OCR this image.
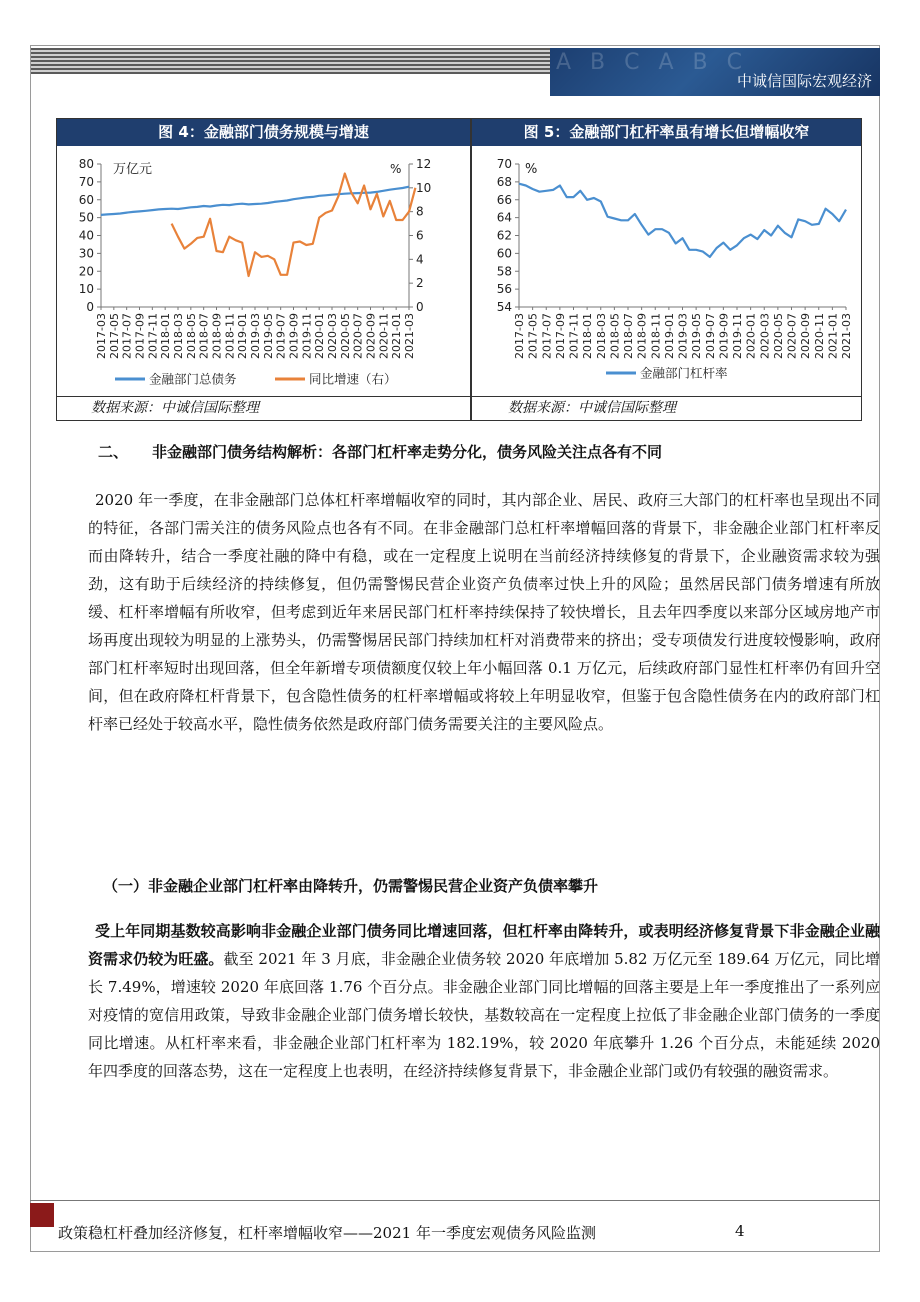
A B C A B C
中诚信国际宏观经济
图 4：金融部门债务规模与增速
0
10
20
30
40
50
60
70
80
0
2
4
6
8
10
12
2017-03 2017-05 2017-07 2017-09 2017-11 2018-01 2018-03 2018-05 2018-07 2018-09 2018-11 2019-01 2019-03 2019-05 2019-07 2019-09 2019-11 2020-01 2020-03 2020-05 2020-07 2020-09 2020-11 2021-01 2021-03
万亿元	%
金融部门总债务	同比增速（右）
数据来源：中诚信国际整理
图 5：金融部门杠杆率虽有增长但增幅收窄
54
56
58
60
62
64
66
68
70
2017-03 2017-05 2017-07 2017-09 2017-11 2018-01 2018-03 2018-05 2018-07 2018-09 2018-11 2019-01 2019-03 2019-05 2019-07 2019-09 2019-11 2020-01 2020-03 2020-05 2020-07 2020-09 2020-11 2021-01 2021-03
%
金融部门杠杆率
数据来源：中诚信国际整理
二、 非金融部门债务结构解析：各部门杠杆率走势分化，债务风险关注点各有不同
2020 年一季度，在非金融部门总体杠杆率增幅收窄的同时，其内部企业、居民、政府三大部门的杠杆率也呈现出不同的特征，各部门需关注的债务风险点也各有不同。在非金融部门总杠杆率增幅回落的背景下，非金融企业部门杠杆率反而由降转升，结合一季度社融的降中有稳，或在一定程度上说明在当前经济持续修复的背景下，企业融资需求较为强劲，这有助于后续经济的持续修复，但仍需警惕民营企业资产负债率过快上升的风险；虽然居民部门债务增速有所放缓、杠杆率增幅有所收窄，但考虑到近年来居民部门杠杆率持续保持了较快增长，且去年四季度以来部分区域房地产市场再度出现较为明显的上涨势头，仍需警惕居民部门持续加杠杆对消费带来的挤出；受专项债发行进度较慢影响，政府部门杠杆率短时出现回落，但全年新增专项债额度仅较上年小幅回落 0.1 万亿元，后续政府部门显性杠杆率仍有回升空间，但在政府降杠杆背景下，包含隐性债务的杠杆率增幅或将较上年明显收窄，但鉴于包含隐性债务在内的政府部门杠杆率已经处于较高水平，隐性债务依然是政府部门债务需要关注的主要风险点。
（一）非金融企业部门杠杆率由降转升，仍需警惕民营企业资产负债率攀升
受上年同期基数较高影响非金融企业部门债务同比增速回落，但杠杆率由降转升，或表明经济修复背景下非金融企业融资需求仍较为旺盛。截至 2021 年 3 月底，非金融企业债务较 2020 年底增加 5.82 万亿元至 189.64 万亿元，同比增长 7.49%，增速较 2020 年底回落 1.76 个百分点。非金融企业部门同比增幅的回落主要是上年一季度推出了一系列应对疫情的宽信用政策，导致非金融企业部门债务增长较快，基数较高在一定程度上拉低了非金融企业部门债务的一季度同比增速。从杠杆率来看，非金融企业部门杠杆率为 182.19%，较 2020 年底攀升 1.26 个百分点，未能延续 2020 年四季度的回落态势，这在一定程度上也表明，在经济持续修复背景下，非金融企业部门或仍有较强的融资需求。
政策稳杠杆叠加经济修复，杠杆率增幅收窄——2021 年一季度宏观债务风险监测	4
